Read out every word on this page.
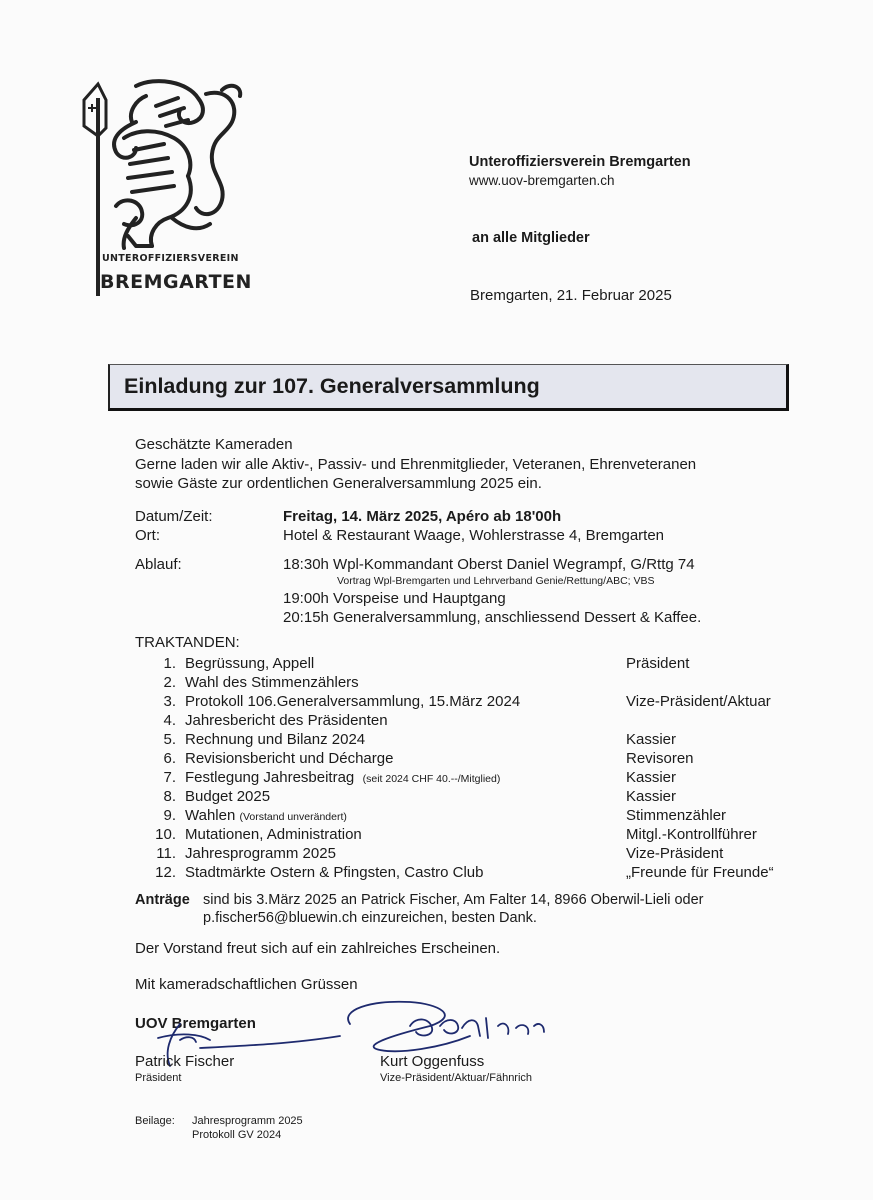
UNTEROFFIZIERSVEREIN
BREMGARTEN
Unteroffiziersverein Bremgarten
www.uov-bremgarten.ch
an alle Mitglieder
Bremgarten, 21. Februar 2025
Einladung zur 107. Generalversammlung
Geschätzte Kameraden
Gerne laden wir alle Aktiv-, Passiv- und Ehrenmitglieder, Veteranen, Ehrenveteranen
sowie Gäste zur ordentlichen Generalversammlung 2025 ein.
Datum/Zeit:	Freitag, 14. März 2025, Apéro ab 18'00h
Ort:	Hotel & Restaurant Waage, Wohlerstrasse 4, Bremgarten
Ablauf:	18:30h Wpl-Kommandant Oberst Daniel Wegrampf, G/Rttg 74
Vortrag Wpl-Bremgarten und Lehrverband Genie/Rettung/ABC; VBS
19:00h Vorspeise und Hauptgang
20:15h Generalversammlung, anschliessend Dessert & Kaffee.
TRAKTANDEN:
1. Begrüssung, Appell	Präsident
2. Wahl des Stimmenzählers
3. Protokoll 106.Generalversammlung, 15.März 2024	Vize-Präsident/Aktuar
4. Jahresbericht des Präsidenten
5. Rechnung und Bilanz 2024	Kassier
6. Revisionsbericht und Décharge	Revisoren
7. Festlegung Jahresbeitrag (seit 2024 CHF 40.--/Mitglied)	Kassier
8. Budget 2025	Kassier
9. Wahlen (Vorstand unverändert)	Stimmenzähler
10. Mutationen, Administration	Mitgl.-Kontrollführer
11. Jahresprogramm 2025	Vize-Präsident
12. Stadtmärkte Ostern & Pfingsten, Castro Club	„Freunde für Freunde“
Anträge sind bis 3.März 2025 an Patrick Fischer, Am Falter 14, 8966 Oberwil-Lieli oder
p.fischer56@bluewin.ch einzureichen, besten Dank.
Der Vorstand freut sich auf ein zahlreiches Erscheinen.
Mit kameradschaftlichen Grüssen
UOV Bremgarten
Patrick Fischer
Präsident
Kurt Oggenfuss
Vize-Präsident/Aktuar/Fähnrich
Beilage: Jahresprogramm 2025
Protokoll GV 2024
